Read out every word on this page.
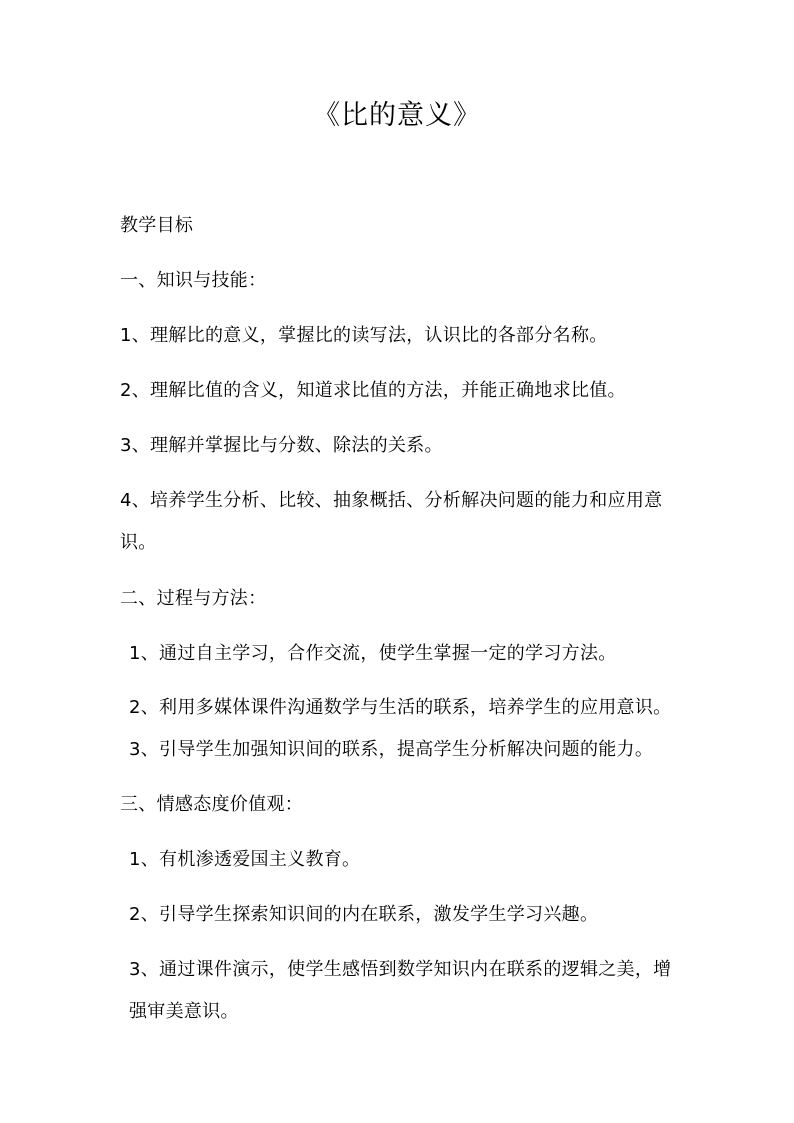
《比的意义》
教学目标
一、知识与技能：
1、理解比的意义，掌握比的读写法，认识比的各部分名称。
2、理解比值的含义，知道求比值的方法，并能正确地求比值。
3、理解并掌握比与分数、除法的关系。
4、培养学生分析、比较、抽象概括、分析解决问题的能力和应用意
识。
二、过程与方法：
1、通过自主学习，合作交流，使学生掌握一定的学习方法。
2、利用多媒体课件沟通数学与生活的联系，培养学生的应用意识。
3、引导学生加强知识间的联系，提高学生分析解决问题的能力。
三、情感态度价值观：
1、有机渗透爱国主义教育。
2、引导学生探索知识间的内在联系，激发学生学习兴趣。
3、通过课件演示，使学生感悟到数学知识内在联系的逻辑之美，增
强审美意识。
